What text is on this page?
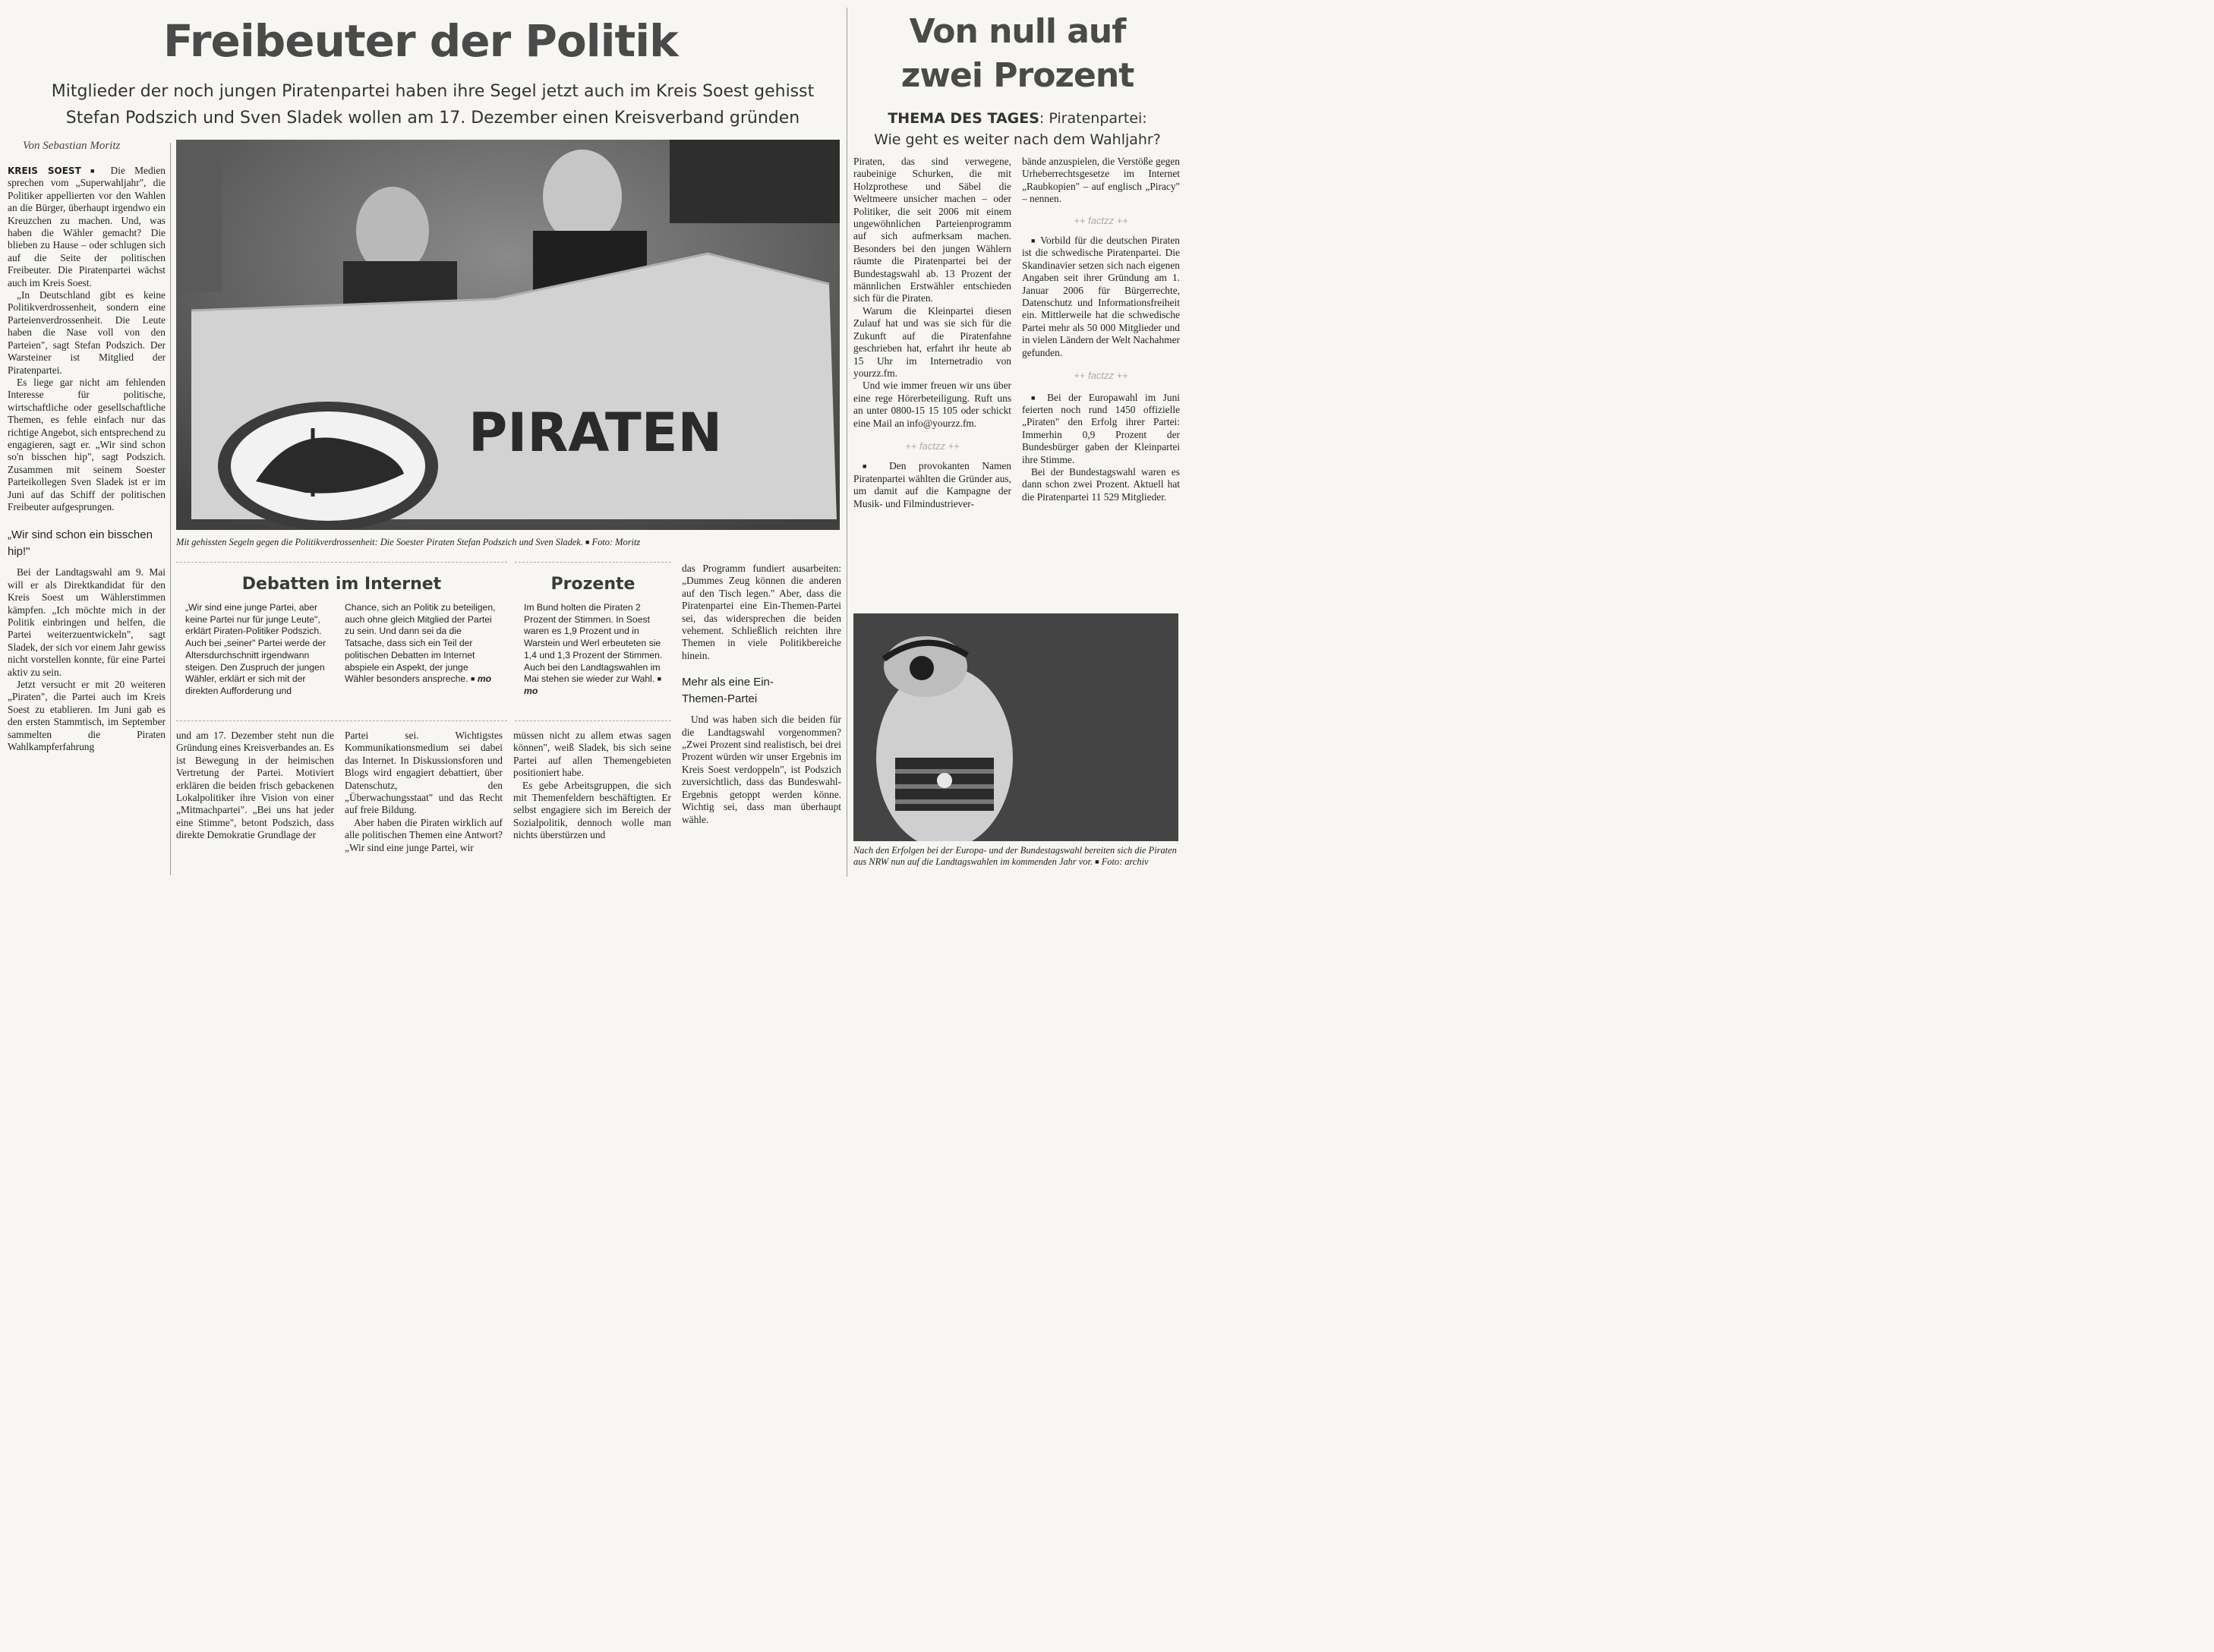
Freibeuter der Politik

Mitglieder der noch jungen Piratenpartei haben ihre Segel jetzt auch im Kreis Soest gehisst

Stefan Podszich und Sven Sladek wollen am 17. Dezember einen Kreisverband gründen

Von Sebastian Moritz

KREIS SOEST ■ Die Medien sprechen vom „Superwahljahr", die Politiker appellierten vor den Wahlen an die Bürger, überhaupt irgendwo ein Kreuzchen zu machen. Und, was haben die Wähler gemacht? Die blieben zu Hause – oder schlugen sich auf die Seite der politischen Freibeuter. Die Piratenpartei wächst auch im Kreis Soest.

„In Deutschland gibt es keine Politikverdrossenheit, sondern eine Parteienverdrossenheit. Die Leute haben die Nase voll von den Parteien", sagt Stefan Podszich. Der Warsteiner ist Mitglied der Piratenpartei.

Es liege gar nicht am fehlenden Interesse für politische, wirtschaftliche oder gesellschaftliche Themen, es fehle einfach nur das richtige Angebot, sich entsprechend zu engagieren, sagt er. „Wir sind schon so'n bisschen hip", sagt Podszich. Zusammen mit seinem Soester Parteikollegen Sven Sladek ist er im Juni auf das Schiff der politischen Freibeuter aufgesprungen.

„Wir sind schon ein bisschen hip!"

Bei der Landtagswahl am 9. Mai will er als Direktkandidat für den Kreis Soest um Wählerstimmen kämpfen. „Ich möchte mich in der Politik einbringen und helfen, die Partei weiterzuentwickeln", sagt Sladek, der sich vor einem Jahr gewiss nicht vorstellen konnte, für eine Partei aktiv zu sein.

Jetzt versucht er mit 20 weiteren „Piraten", die Partei auch im Kreis Soest zu etablieren. Im Juni gab es den ersten Stammtisch, im September sammelten die Piraten Wahlkampferfahrung

PIRATEN
Mit gehissten Segeln gegen die Politikverdrossenheit: Die Soester Piraten Stefan Podszich und Sven Sladek. ■ Foto: Moritz
Debatten im Internet
„Wir sind eine junge Partei, aber keine Partei nur für junge Leute", erklärt Piraten-Politiker Podszich. Auch bei „seiner" Partei werde der Altersdurchschnitt irgendwann steigen. Den Zuspruch der jungen Wähler, erklärt er sich mit der direkten Aufforderung und
Chance, sich an Politik zu beteiligen, auch ohne gleich Mitglied der Partei zu sein. Und dann sei da die Tatsache, dass sich ein Teil der politischen Debatten im Internet abspiele ein Aspekt, der junge Wähler besonders anspreche. ■ mo
Prozente
Im Bund holten die Piraten 2 Prozent der Stimmen. In Soest waren es 1,9 Prozent und in Warstein und Werl erbeuteten sie 1,4 und 1,3 Prozent der Stimmen. Auch bei den Landtagswahlen im Mai stehen sie wieder zur Wahl. ■ mo

das Programm fundiert ausarbeiten: „Dummes Zeug können die anderen auf den Tisch legen." Aber, dass die Piratenpartei eine Ein-Themen-Partei sei, das widersprechen die beiden vehement. Schließlich reichten ihre Themen in viele Politikbereiche hinein.

Mehr als eine Ein-Themen-Partei

Und was haben sich die beiden für die Landtagswahl vorgenommen? „Zwei Prozent sind realistisch, bei drei Prozent würden wir unser Ergebnis im Kreis Soest verdoppeln", ist Podszich zuversichtlich, dass das Bundeswahl-Ergebnis getoppt werden könne. Wichtig sei, dass man überhaupt wähle.

und am 17. Dezember steht nun die Gründung eines Kreisverbandes an. Es ist Bewegung in der heimischen Vertretung der Partei. Motiviert erklären die beiden frisch gebackenen Lokalpolitiker ihre Vision von einer „Mitmachpartei". „Bei uns hat jeder eine Stimme", betont Podszich, dass direkte Demokratie Grundlage der

Partei sei. Wichtigstes Kommunikationsmedium sei dabei das Internet. In Diskussionsforen und Blogs wird engagiert debattiert, über Datenschutz, den „Überwachungsstaat" und das Recht auf freie Bildung.

Aber haben die Piraten wirklich auf alle politischen Themen eine Antwort? „Wir sind eine junge Partei, wir

müssen nicht zu allem etwas sagen können", weiß Sladek, bis sich seine Partei auf allen Themengebieten positioniert habe.

Es gebe Arbeitsgruppen, die sich mit Themenfeldern beschäftigten. Er selbst engagiere sich im Bereich der Sozialpolitik, dennoch wolle man nichts überstürzen und

Von null auf
zwei Prozent
THEMA DES TAGES: Piratenpartei:
Wie geht es weiter nach dem Wahljahr?

Piraten, das sind verwegene, raubeinige Schurken, die mit Holzprothese und Säbel die Weltmeere unsicher machen – oder Politiker, die seit 2006 mit einem ungewöhnlichen Parteienprogramm auf sich aufmerksam machen. Besonders bei den jungen Wählern räumte die Piratenpartei bei der Bundestagswahl ab. 13 Prozent der männlichen Erstwähler entschieden sich für die Piraten.

Warum die Kleinpartei diesen Zulauf hat und was sie sich für die Zukunft auf die Piratenfahne geschrieben hat, erfahrt ihr heute ab 15 Uhr im Internetradio von yourzz.fm.

Und wie immer freuen wir uns über eine rege Hörerbeteiligung. Ruft uns an unter 0800-15 15 105 oder schickt eine Mail an info@yourzz.fm.

++ factzz ++

■ Den provokanten Namen Piratenpartei wählten die Gründer aus, um damit auf die Kampagne der Musik- und Filmindustriever-

bände anzuspielen, die Verstöße gegen Urheberrechtsgesetze im Internet „Raubkopien" – auf englisch „Piracy" – nennen.

++ factzz ++

■ Vorbild für die deutschen Piraten ist die schwedische Piratenpartei. Die Skandinavier setzen sich nach eigenen Angaben seit ihrer Gründung am 1. Januar 2006 für Bürgerrechte, Datenschutz und Informationsfreiheit ein. Mittlerweile hat die schwedische Partei mehr als 50 000 Mitglieder und in vielen Ländern der Welt Nachahmer gefunden.

++ factzz ++

■ Bei der Europawahl im Juni feierten noch rund 1450 offizielle „Piraten" den Erfolg ihrer Partei: Immerhin 0,9 Prozent der Bundesbürger gaben der Kleinpartei ihre Stimme.

Bei der Bundestagswahl waren es dann schon zwei Prozent. Aktuell hat die Piratenpartei 11 529 Mitglieder.

Nach den Erfolgen bei der Europa- und der Bundestagswahl bereiten sich die Piraten aus NRW nun auf die Landtagswahlen im kommenden Jahr vor. ■ Foto: archiv
